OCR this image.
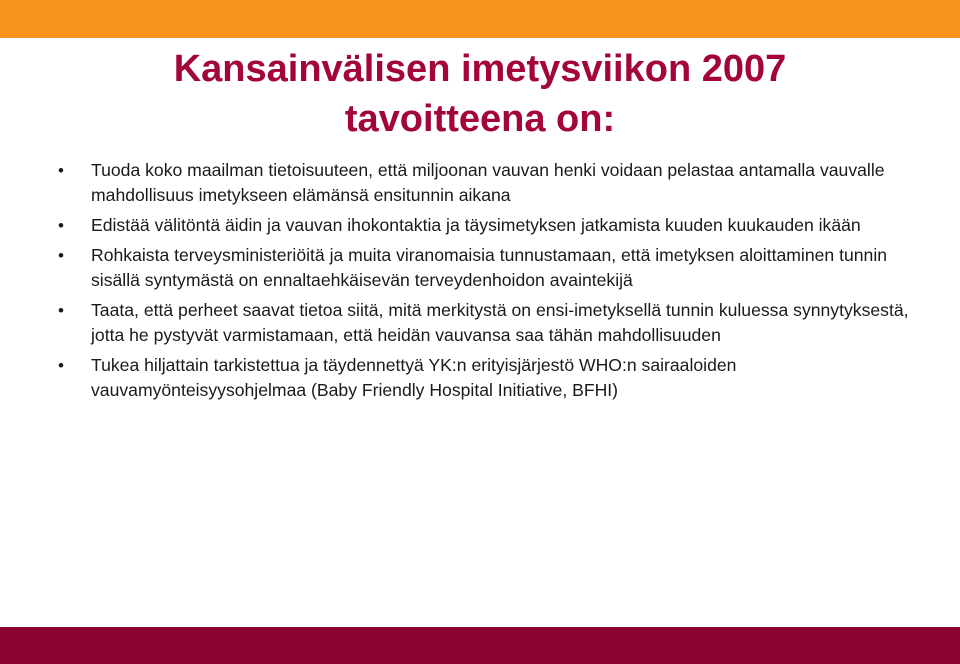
Kansainvälisen imetysviikon 2007
tavoitteena on:
•	Tuoda koko maailman tietoisuuteen, että miljoonan vauvan henki voidaan pelastaa antamalla vauvalle mahdollisuus imetykseen elämänsä ensitunnin aikana
•	Edistää välitöntä äidin ja vauvan ihokontaktia ja täysimetyksen jatkamista kuuden kuukauden ikään
•	Rohkaista terveysministeriöitä ja muita viranomaisia tunnustamaan, että imetyksen aloittaminen tunnin sisällä syntymästä on ennaltaehkäisevän terveydenhoidon avaintekijä
•	Taata, että perheet saavat tietoa siitä, mitä merkitystä on ensi-imetyksellä tunnin kuluessa synnytyksestä, jotta he pystyvät varmistamaan, että heidän vauvansa saa tähän mahdollisuuden
•	Tukea hiljattain tarkistettua ja täydennettyä YK:n erityisjärjestö WHO:n sairaaloiden vauvamyönteisyysohjelmaa (Baby Friendly Hospital Initiative, BFHI)
